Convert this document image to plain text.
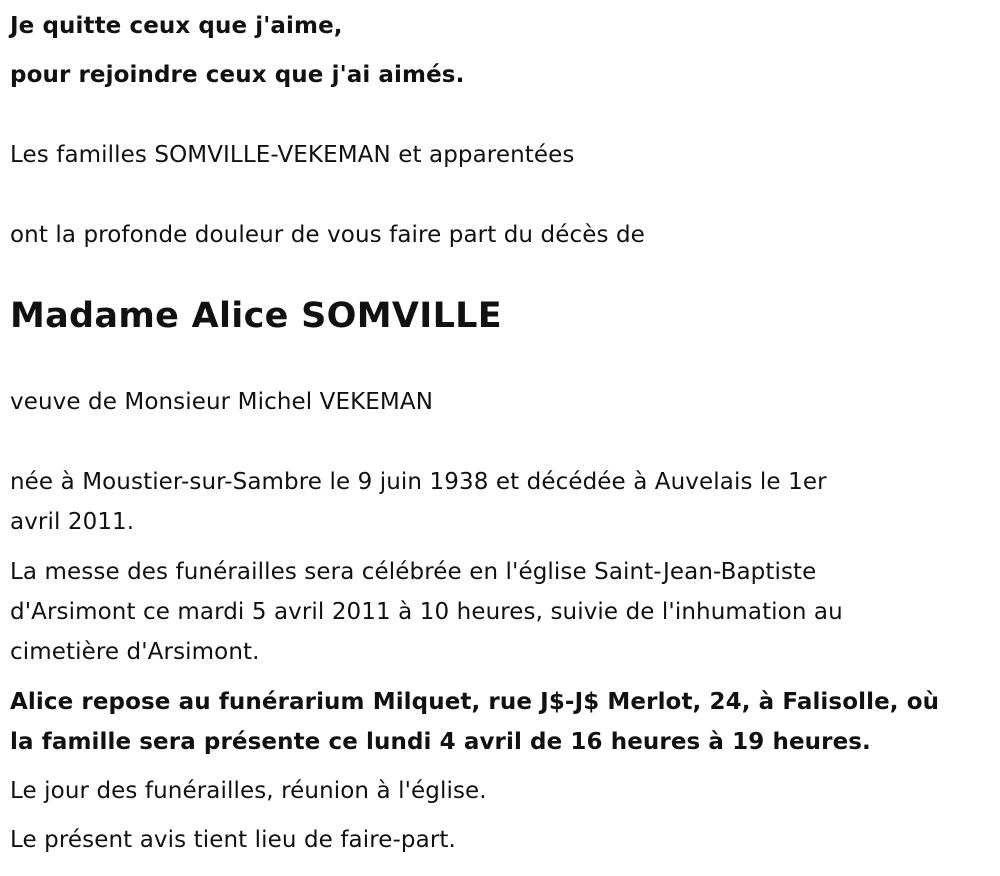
Je quitte ceux que j'aime,
pour rejoindre ceux que j'ai aimés.
Les familles SOMVILLE-VEKEMAN et apparentées
ont la profonde douleur de vous faire part du décès de
Madame Alice SOMVILLE
veuve de Monsieur Michel VEKEMAN
née à Moustier-sur-Sambre le 9 juin 1938 et décédée à Auvelais le 1er
avril 2011.
La messe des funérailles sera célébrée en l'église Saint-Jean-Baptiste
d'Arsimont ce mardi 5 avril 2011 à 10 heures, suivie de l'inhumation au
cimetière d'Arsimont.
Alice repose au funérarium Milquet, rue J$-J$ Merlot, 24, à Falisolle, où
la famille sera présente ce lundi 4 avril de 16 heures à 19 heures.
Le jour des funérailles, réunion à l'église.
Le présent avis tient lieu de faire-part.
